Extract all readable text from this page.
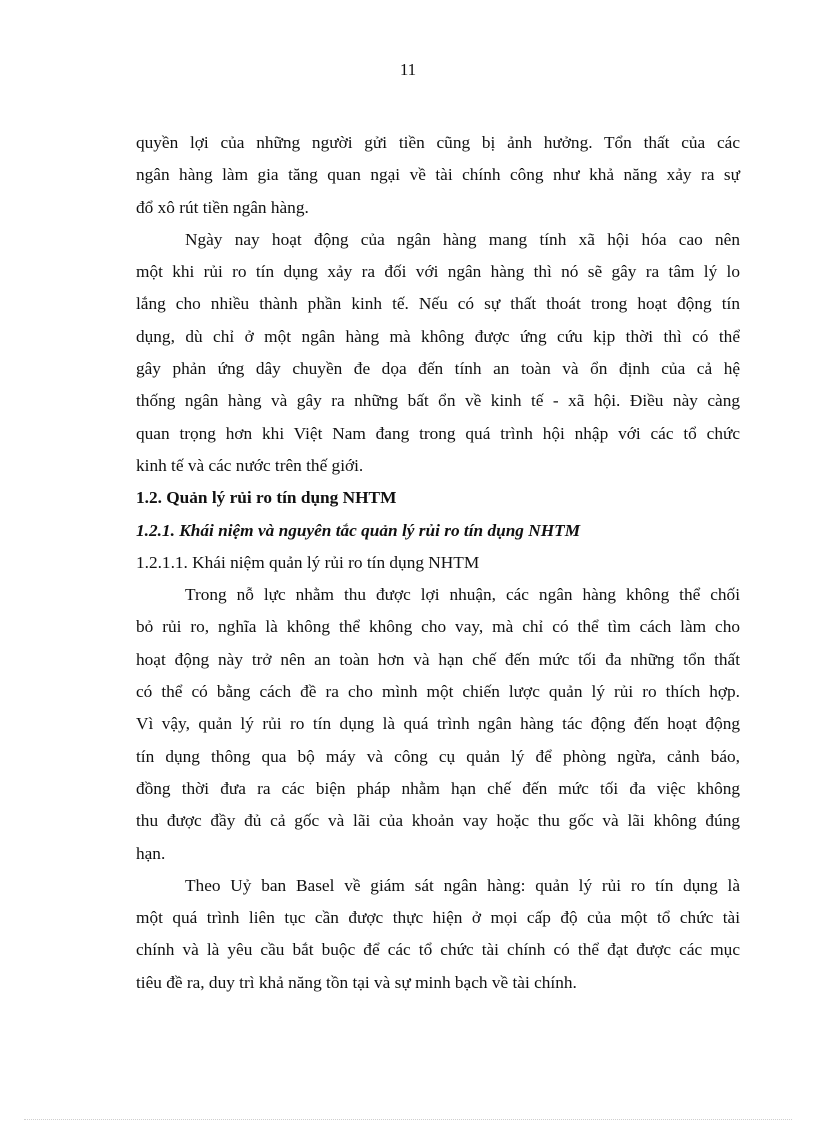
11
quyền lợi của những người gửi tiền cũng bị ảnh hưởng. Tổn thất của các
ngân hàng làm gia tăng quan ngại về tài chính công như khả năng xảy ra sự
đổ xô rút tiền ngân hàng.
Ngày nay hoạt động của ngân hàng mang tính xã hội hóa cao nên
một khi rủi ro tín dụng xảy ra đối với ngân hàng thì nó sẽ gây ra tâm lý lo
lắng cho nhiều thành phần kinh tế. Nếu có sự thất thoát trong hoạt động tín
dụng, dù chỉ ở một ngân hàng mà không được ứng cứu kịp thời thì có thể
gây phản ứng dây chuyền đe dọa đến tính an toàn và ổn định của cả hệ
thống ngân hàng và gây ra những bất ổn về kinh tế - xã hội. Điều này càng
quan trọng hơn khi Việt Nam đang trong quá trình hội nhập với các tổ chức
kinh tế và các nước trên thế giới.
1.2. Quản lý rủi ro tín dụng NHTM
1.2.1. Khái niệm và nguyên tắc quản lý rủi ro tín dụng NHTM
1.2.1.1. Khái niệm quản lý rủi ro tín dụng NHTM
Trong nỗ lực nhằm thu được lợi nhuận, các ngân hàng không thể chối
bỏ rủi ro, nghĩa là không thể không cho vay, mà chỉ có thể tìm cách làm cho
hoạt động này trở nên an toàn hơn và hạn chế đến mức tối đa những tổn thất
có thể có bằng cách đề ra cho mình một chiến lược quản lý rủi ro thích hợp.
Vì vậy, quản lý rủi ro tín dụng là quá trình ngân hàng tác động đến hoạt động
tín dụng thông qua bộ máy và công cụ quản lý để phòng ngừa, cảnh báo,
đồng thời đưa ra các biện pháp nhằm hạn chế đến mức tối đa việc không
thu được đầy đủ cả gốc và lãi của khoản vay hoặc thu gốc và lãi không đúng
hạn.
Theo Uỷ ban Basel về giám sát ngân hàng: quản lý rủi ro tín dụng là
một quá trình liên tục cần được thực hiện ở mọi cấp độ của một tổ chức tài
chính và là yêu cầu bắt buộc để các tổ chức tài chính có thể đạt được các mục
tiêu đề ra, duy trì khả năng tồn tại và sự minh bạch về tài chính.
